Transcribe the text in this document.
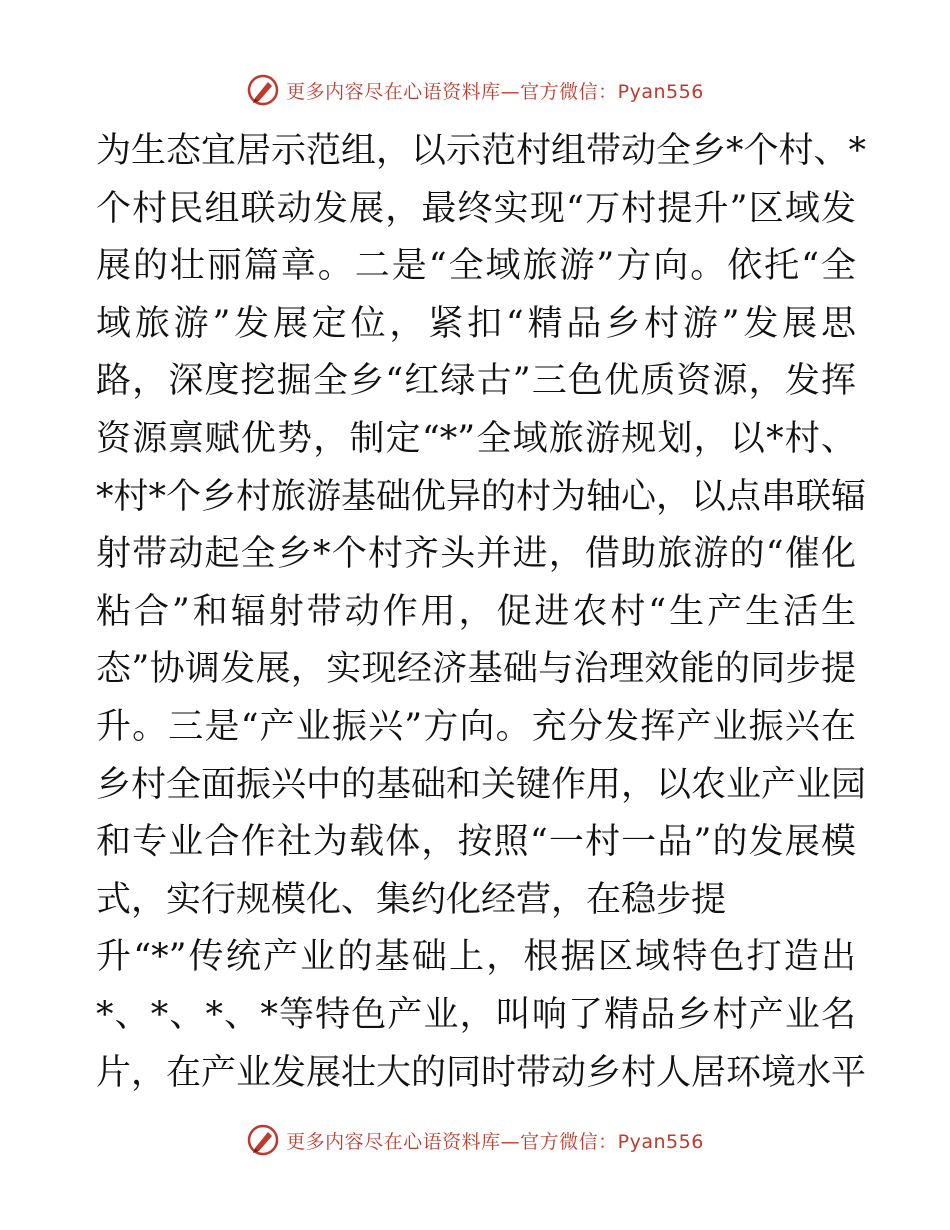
更多内容尽在心语资料库—官方微信：Pyan556
为生态宜居示范组，以示范村组带动全乡*个村、*
个村民组联动发展，最终实现“万村提升”区域发
展的壮丽篇章。二是“全域旅游”方向。依托“全
域旅游”发展定位，紧扣“精品乡村游”发展思
路，深度挖掘全乡“红绿古”三色优质资源，发挥
资源禀赋优势，制定“*”全域旅游规划，以*村、
*村*个乡村旅游基础优异的村为轴心，以点串联辐
射带动起全乡*个村齐头并进，借助旅游的“催化
粘合”和辐射带动作用，促进农村“生产生活生
态”协调发展，实现经济基础与治理效能的同步提
升。三是“产业振兴”方向。充分发挥产业振兴在
乡村全面振兴中的基础和关键作用，以农业产业园
和专业合作社为载体，按照“一村一品”的发展模
式，实行规模化、集约化经营，在稳步提
升“*”传统产业的基础上，根据区域特色打造出
*、*、*、*等特色产业，叫响了精品乡村产业名
片，在产业发展壮大的同时带动乡村人居环境水平
更多内容尽在心语资料库—官方微信：Pyan556
